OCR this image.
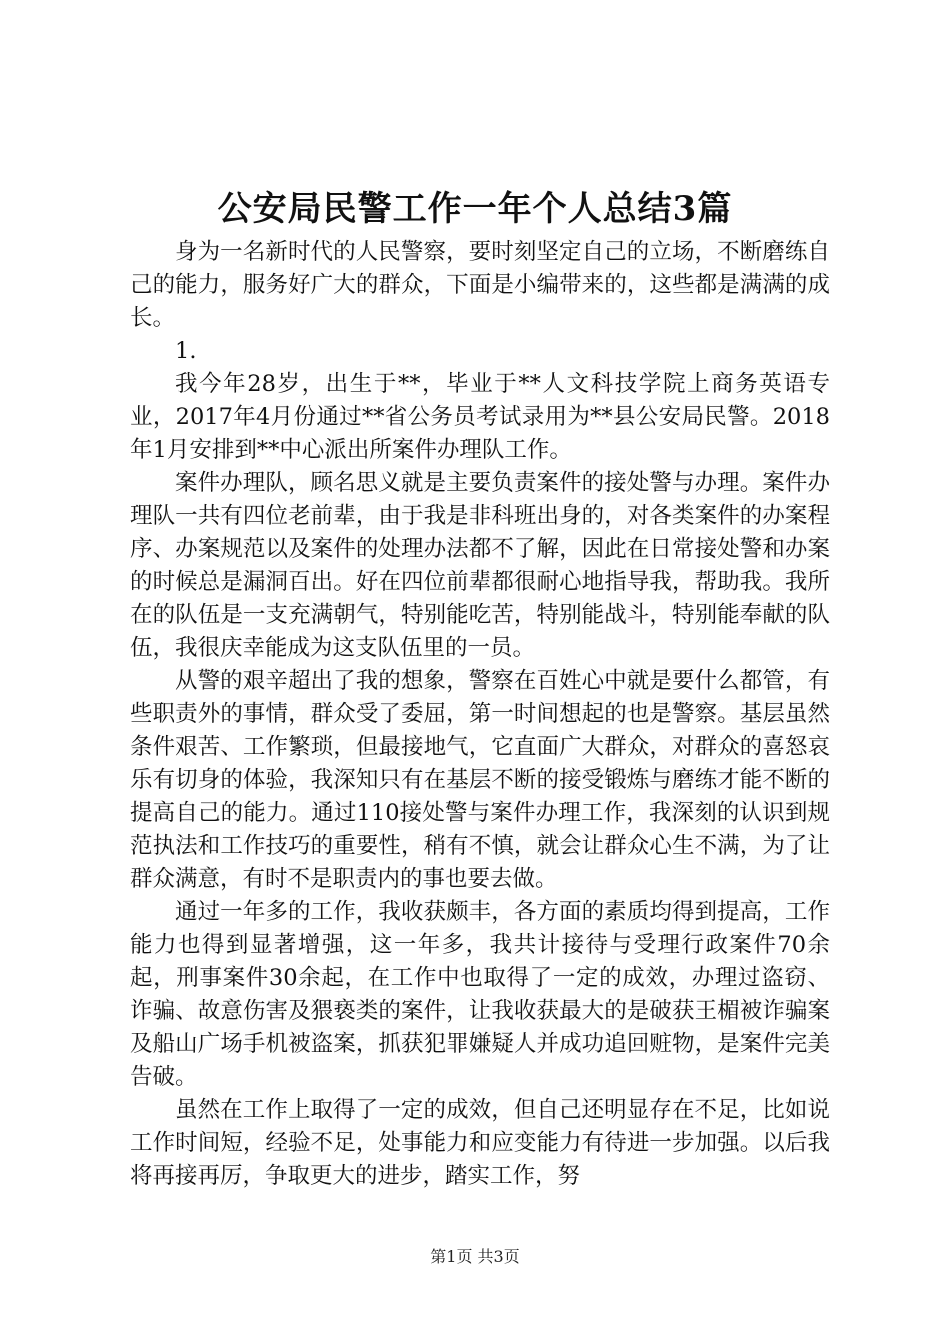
公安局民警工作一年个人总结3篇

身为一名新时代的人民警察，要时刻坚定自己的立场，不断磨练自己的能力，服务好广大的群众，下面是小编带来的，这些都是满满的成长。

1.

我今年28岁，出生于**，毕业于**人文科技学院上商务英语专业，2017年4月份通过**省公务员考试录用为**县公安局民警。2018年1月安排到**中心派出所案件办理队工作。

案件办理队，顾名思义就是主要负责案件的接处警与办理。案件办理队一共有四位老前辈，由于我是非科班出身的，对各类案件的办案程序、办案规范以及案件的处理办法都不了解，因此在日常接处警和办案的时候总是漏洞百出。好在四位前辈都很耐心地指导我，帮助我。我所在的队伍是一支充满朝气，特别能吃苦，特别能战斗，特别能奉献的队伍，我很庆幸能成为这支队伍里的一员。

从警的艰辛超出了我的想象，警察在百姓心中就是要什么都管，有些职责外的事情，群众受了委屈，第一时间想起的也是警察。基层虽然条件艰苦、工作繁琐，但最接地气，它直面广大群众，对群众的喜怒哀乐有切身的体验，我深知只有在基层不断的接受锻炼与磨练才能不断的提高自己的能力。通过110接处警与案件办理工作，我深刻的认识到规范执法和工作技巧的重要性，稍有不慎，就会让群众心生不满，为了让群众满意，有时不是职责内的事也要去做。

通过一年多的工作，我收获颇丰，各方面的素质均得到提高，工作能力也得到显著增强，这一年多，我共计接待与受理行政案件70余起，刑事案件30余起，在工作中也取得了一定的成效，办理过盗窃、诈骗、故意伤害及猥亵类的案件，让我收获最大的是破获王楣被诈骗案及船山广场手机被盗案，抓获犯罪嫌疑人并成功追回赃物，是案件完美告破。

虽然在工作上取得了一定的成效，但自己还明显存在不足，比如说工作时间短，经验不足，处事能力和应变能力有待进一步加强。以后我将再接再厉，争取更大的进步，踏实工作，努

第1页 共3页
